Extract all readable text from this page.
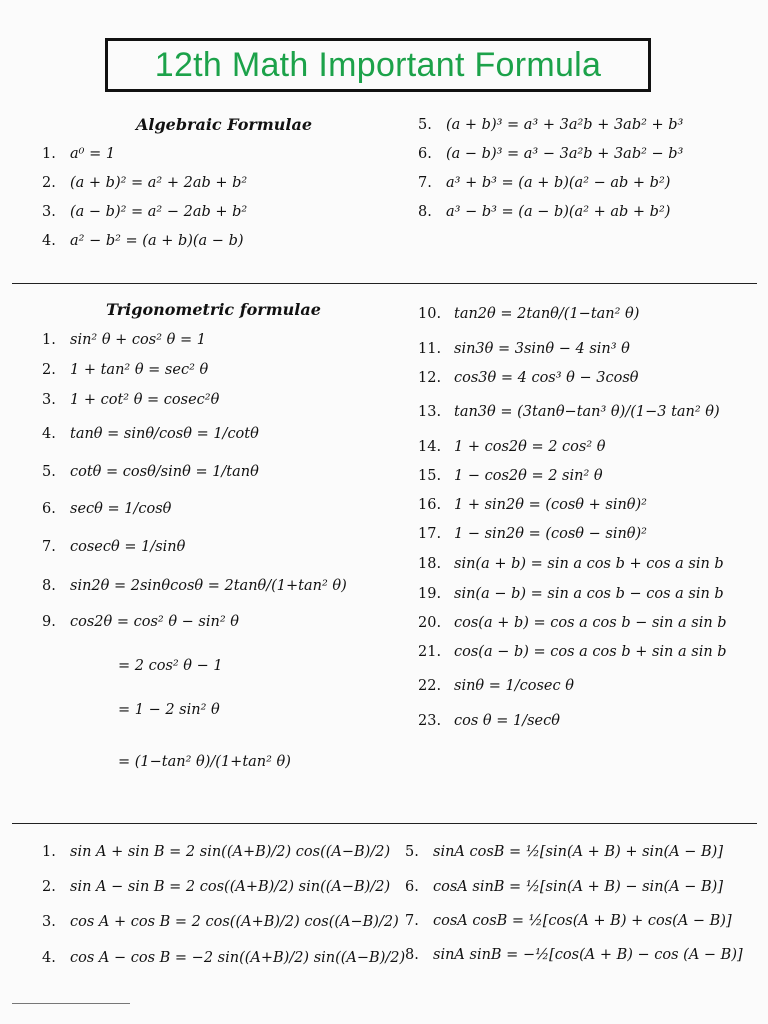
12th Math Important Formula
Algebraic Formulae
1. a⁰ = 1
2. (a + b)² = a² + 2ab + b²
3. (a − b)² = a² − 2ab + b²
4. a² − b² = (a + b)(a − b)
5. (a + b)³ = a³ + 3a²b + 3ab² + b³
6. (a − b)³ = a³ − 3a²b + 3ab² − b³
7. a³ + b³ = (a + b)(a² − ab + b²)
8. a³ − b³ = (a − b)(a² + ab + b²)
Trigonometric formulae
1. sin² θ + cos² θ = 1
2. 1 + tan² θ = sec² θ
3. 1 + cot² θ = cosec²θ
4. tanθ = sinθ/cosθ = 1/cotθ
5. cotθ = cosθ/sinθ = 1/tanθ
6. secθ = 1/cosθ
7. cosecθ = 1/sinθ
8. sin2θ = 2sinθcosθ = 2tanθ/(1+tan² θ)
9. cos2θ = cos² θ − sin² θ
= 2 cos² θ − 1
= 1 − 2 sin² θ
= (1−tan² θ)/(1+tan² θ)
10. tan2θ = 2tanθ/(1−tan² θ)
11. sin3θ = 3sinθ − 4 sin³ θ
12. cos3θ = 4 cos³ θ − 3cosθ
13. tan3θ = (3tanθ−tan³ θ)/(1−3 tan² θ)
14. 1 + cos2θ = 2 cos² θ
15. 1 − cos2θ = 2 sin² θ
16. 1 + sin2θ = (cosθ + sinθ)²
17. 1 − sin2θ = (cosθ − sinθ)²
18. sin(a + b) = sin a cos b + cos a sin b
19. sin(a − b) = sin a cos b − cos a sin b
20. cos(a + b) = cos a cos b − sin a sin b
21. cos(a − b) = cos a cos b + sin a sin b
22. sinθ = 1/cosec θ
23. cos θ = 1/secθ
1. sin A + sin B = 2 sin((A+B)/2) cos((A−B)/2)
2. sin A − sin B = 2 cos((A+B)/2) sin((A−B)/2)
3. cos A + cos B = 2 cos((A+B)/2) cos((A−B)/2)
4. cos A − cos B = −2 sin((A+B)/2) sin((A−B)/2)
5. sinA cosB = ½[sin(A + B) + sin(A − B)]
6. cosA sinB = ½[sin(A + B) − sin(A − B)]
7. cosA cosB = ½[cos(A + B) + cos(A − B)]
8. sinA sinB = −½[cos(A + B) − cos (A − B)]
